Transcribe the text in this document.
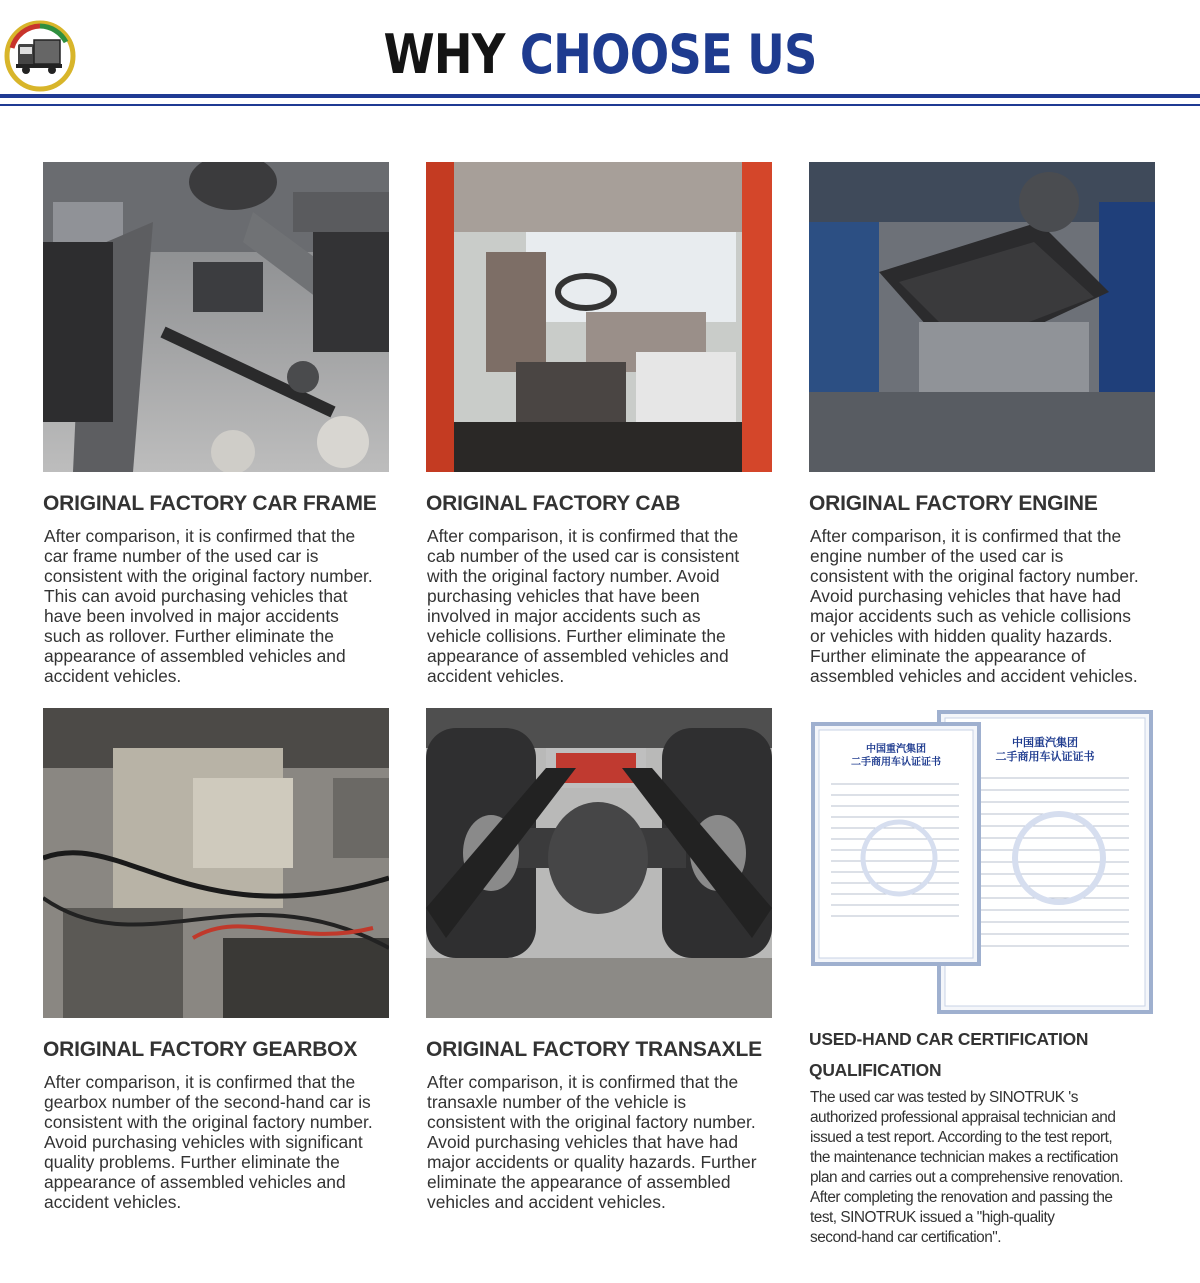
WHY CHOOSE US
ORIGINAL FACTORY CAR FRAME

After comparison, it is confirmed that the
car frame number of the used car is
consistent with the original factory number.
This can avoid purchasing vehicles that
have been involved in major accidents
such as rollover. Further eliminate the
appearance of assembled vehicles and
accident vehicles.

ORIGINAL FACTORY CAB

After comparison, it is confirmed that the
cab number of the used car is consistent
with the original factory number. Avoid
purchasing vehicles that have been
involved in major accidents such as
vehicle collisions. Further eliminate the
appearance of assembled vehicles and
accident vehicles.

ORIGINAL FACTORY ENGINE

After comparison, it is confirmed that the
engine number of the used car is
consistent with the original factory number.
Avoid purchasing vehicles that have had
major accidents such as vehicle collisions
or vehicles with hidden quality hazards.
Further eliminate the appearance of
assembled vehicles and accident vehicles.

ORIGINAL FACTORY GEARBOX

After comparison, it is confirmed that the
gearbox number of the second-hand car is
consistent with the original factory number.
Avoid purchasing vehicles with significant
quality problems. Further eliminate the
appearance of assembled vehicles and
accident vehicles.

ORIGINAL FACTORY TRANSAXLE

After comparison, it is confirmed that the
transaxle number of the vehicle is
consistent with the original factory number.
Avoid purchasing vehicles that have had
major accidents or quality hazards. Further
eliminate the appearance of assembled
vehicles and accident vehicles.

中国重汽集团
二手商用车认证证书
中国重汽集团
二手商用车认证证书
USED-HAND CAR CERTIFICATION
QUALIFICATION

The used car was tested by SINOTRUK 's
authorized professional appraisal technician and
issued a test report. According to the test report,
the maintenance technician makes a rectification
plan and carries out a comprehensive renovation.
After completing the renovation and passing the
test, SINOTRUK issued a "high-quality
second-hand car certification".
